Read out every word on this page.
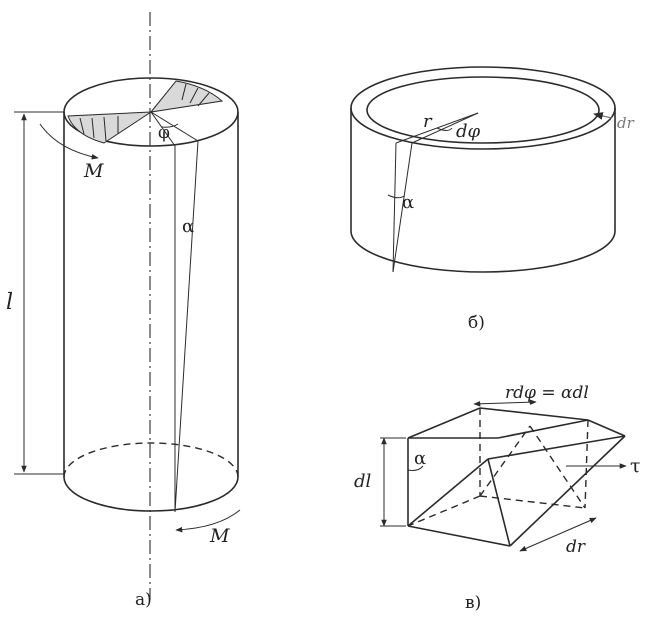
l
M
M
φ
α
а)
dr
r dφ
α
б)
rdφ = αdl
dl
α	τ
dr
в)
